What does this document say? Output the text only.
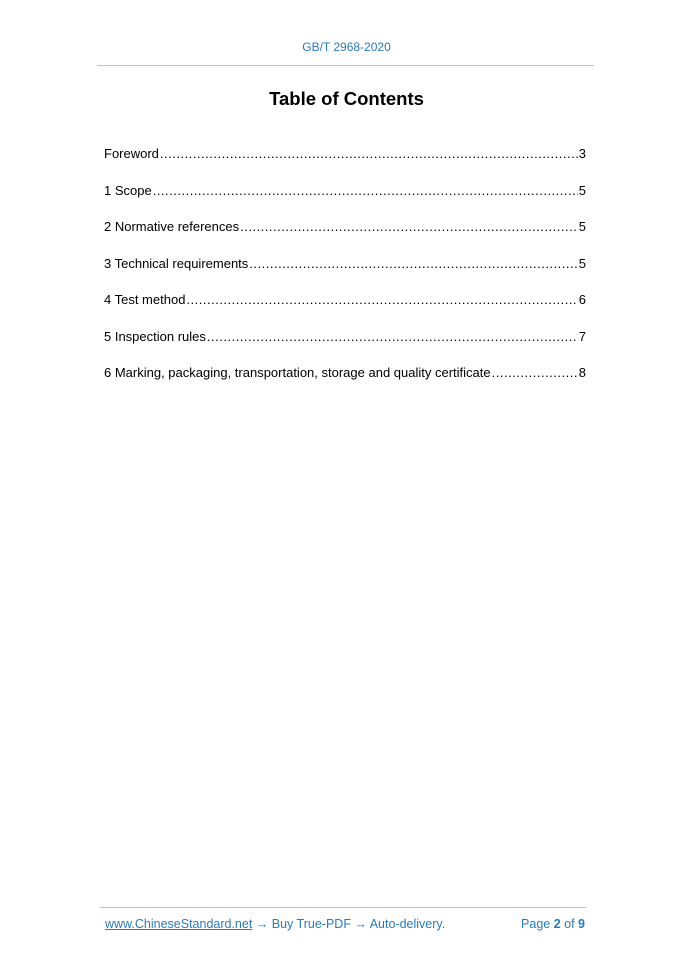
GB/T 2968-2020
Table of Contents
Foreword .....	3
1 Scope .....	5
2 Normative references .....	5
3 Technical requirements .....	5
4 Test method .....	6
5 Inspection rules .....	7
6 Marking, packaging, transportation, storage and quality certificate .....	8
www.ChineseStandard.net → Buy True-PDF → Auto-delivery.	Page 2 of 9
